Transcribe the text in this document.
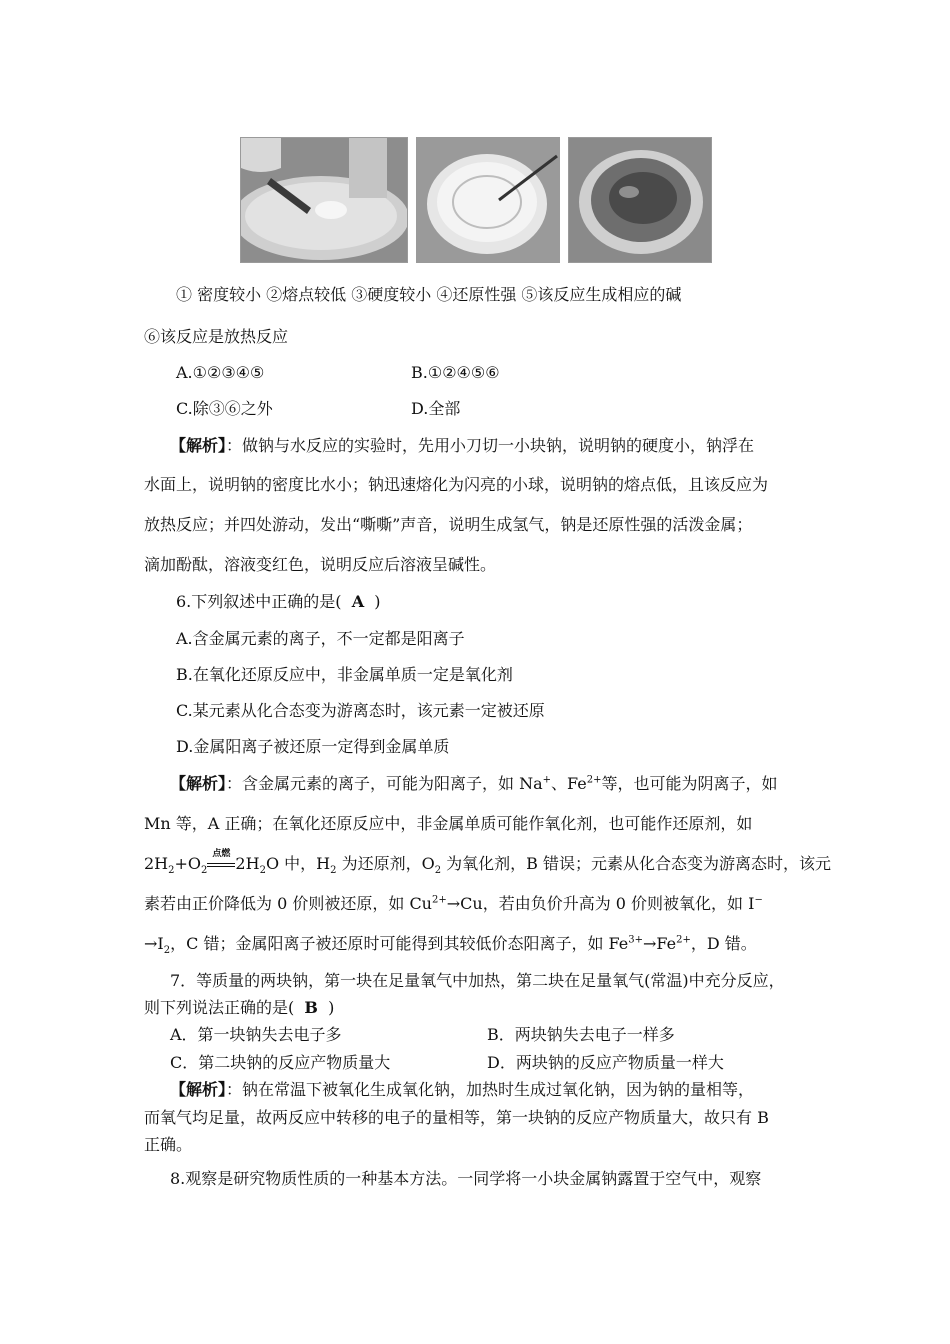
① 密度较小 ②熔点较低 ③硬度较小 ④还原性强 ⑤该反应生成相应的碱
⑥该反应是放热反应
A.①②③④⑤	B.①②④⑤⑥
C.除③⑥之外	D.全部
【解析】：做钠与水反应的实验时，先用小刀切一小块钠，说明钠的硬度小，钠浮在
水面上，说明钠的密度比水小；钠迅速熔化为闪亮的小球，说明钠的熔点低，且该反应为
放热反应；并四处游动，发出“嘶嘶”声音，说明生成氢气，钠是还原性强的活泼金属；
滴加酚酞，溶液变红色，说明反应后溶液呈碱性。
6.下列叙述中正确的是( A )
A.含金属元素的离子，不一定都是阳离子
B.在氧化还原反应中，非金属单质一定是氧化剂
C.某元素从化合态变为游离态时，该元素一定被还原
D.金属阳离子被还原一定得到金属单质
【解析】：含金属元素的离子，可能为阳离子，如 Na+、$Fe^{2+}$等，也可能为阴离子，如
Mn 等，A 正确；在氧化还原反应中，非金属单质可能作氧化剂，也可能作还原剂，如
$2H_2+O_2$
点燃 $2H_2O$ 中，$H_2$ 为还原剂，$O_2$ 为氧化剂，B 错误；元素从化合态变为游离态时，该元
素若由正价降低为 0 价则被还原，如 $Cu^{2+}\to Cu$，若由负价升高为 0 价则被氧化，如 I−
$\to I_2$，C 错；金属阳离子被还原时可能得到其较低价态阳离子，如 $Fe^{3+}\to Fe^{2+}$，D 错。
7．等质量的两块钠，第一块在足量氧气中加热，第二块在足量氧气(常温)中充分反应，
则下列说法正确的是( B )
A．第一块钠失去电子多	B．两块钠失去电子一样多
C．第二块钠的反应产物质量大	D．两块钠的反应产物质量一样大
【解析】：钠在常温下被氧化生成氧化钠，加热时生成过氧化钠，因为钠的量相等，
而氧气均足量，故两反应中转移的电子的量相等，第一块钠的反应产物质量大，故只有 B
正确。
8.观察是研究物质性质的一种基本方法。一同学将一小块金属钠露置于空气中，观察
